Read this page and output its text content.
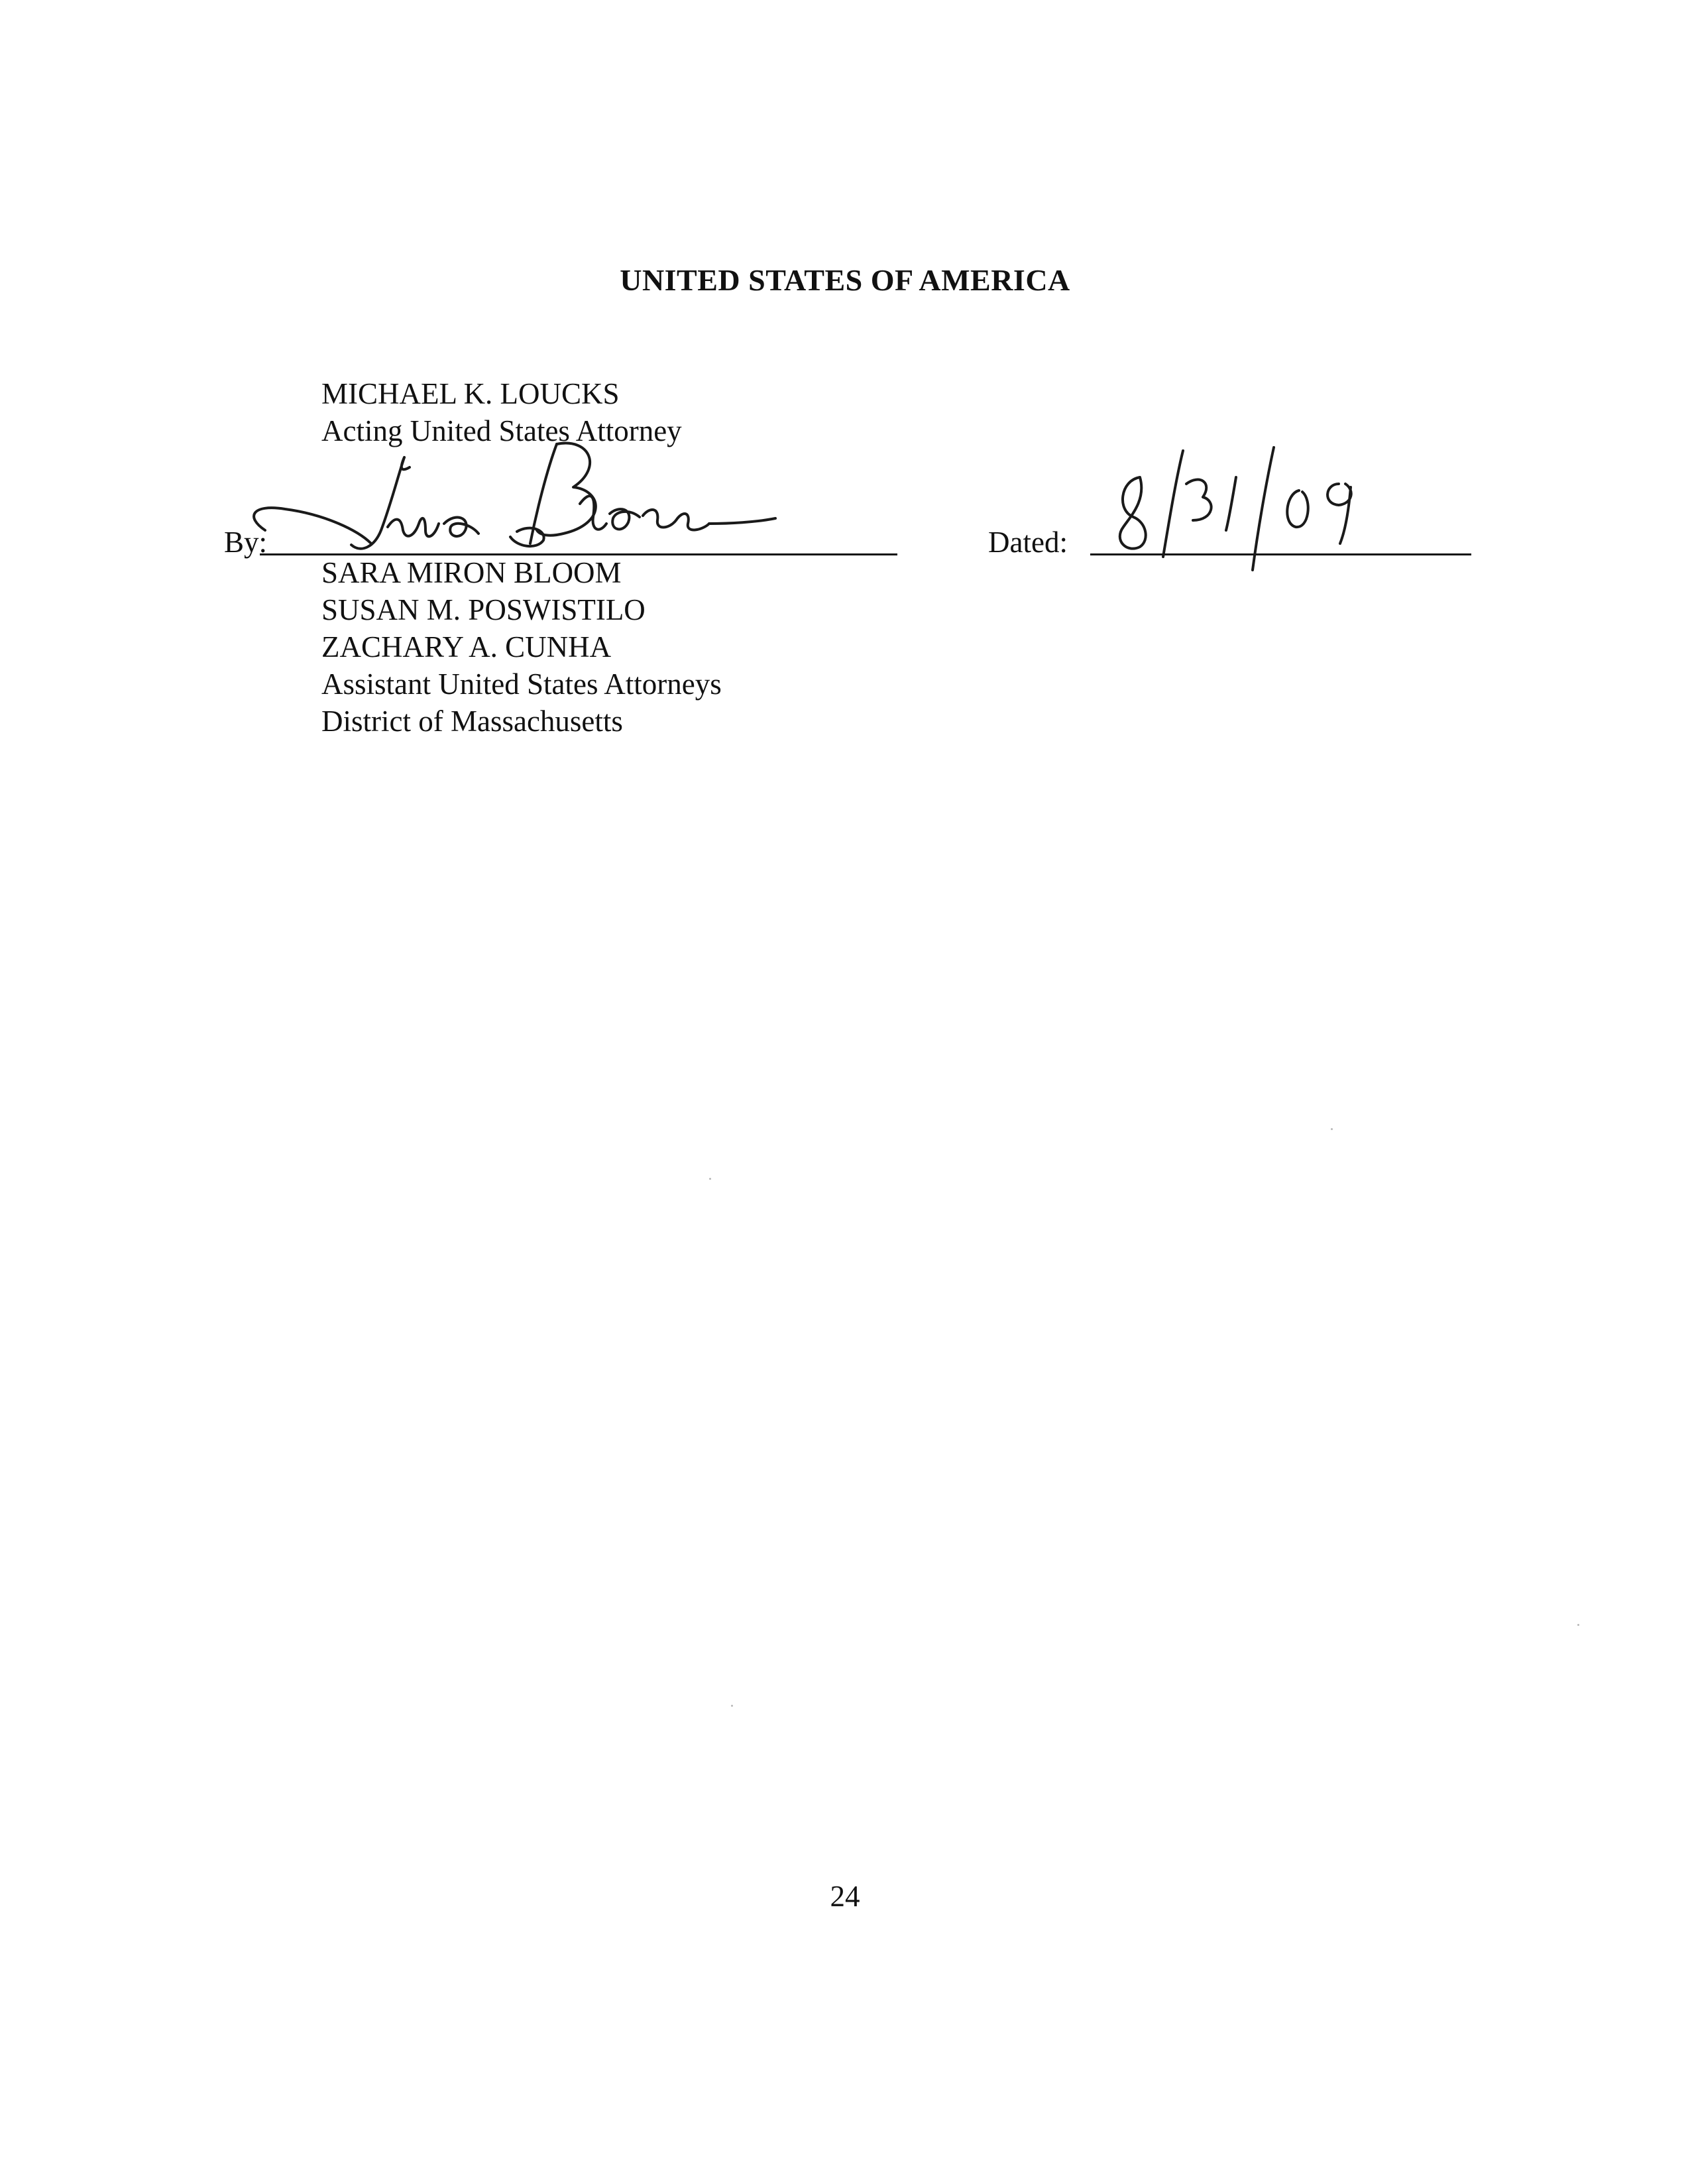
UNITED STATES OF AMERICA
MICHAEL K. LOUCKS
Acting United States Attorney
By:
SARA MIRON BLOOM
SUSAN M. POSWISTILO
ZACHARY A. CUNHA
Assistant United States Attorneys
District of Massachusetts
Dated:
24
